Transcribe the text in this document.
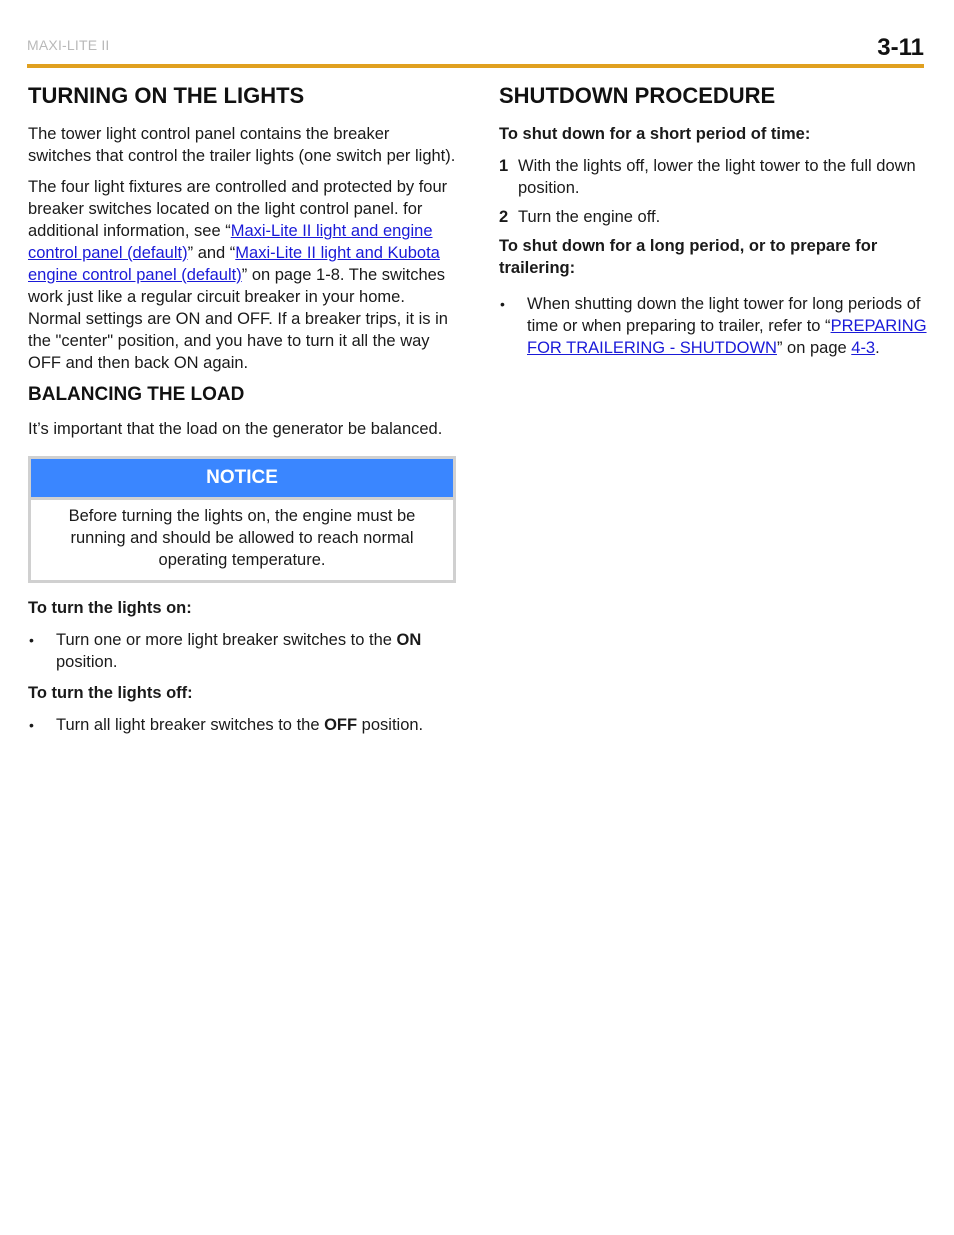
MAXI-LITE II	3-11
TURNING ON THE LIGHTS

The tower light control panel contains the breaker switches that control the trailer lights (one switch per light).

The four light fixtures are controlled and protected by four breaker switches located on the light control panel. for additional information, see “Maxi-Lite II light and engine control panel (default)” and “Maxi-Lite II light and Kubota engine control panel (default)” on page 1-8. The switches work just like a regular circuit breaker in your home. Normal settings are ON and OFF. If a breaker trips, it is in the "center" position, and you have to turn it all the way OFF and then back ON again.

BALANCING THE LOAD

It’s important that the load on the generator be balanced.

NOTICE
Before turning the lights on, the engine must be running and should be allowed to reach normal operating temperature.

To turn the lights on:

• Turn one or more light breaker switches to the ON position.

To turn the lights off:

• Turn all light breaker switches to the OFF position.
SHUTDOWN PROCEDURE

To shut down for a short period of time:

1 With the lights off, lower the light tower to the full down position.
2 Turn the engine off.

To shut down for a long period, or to prepare for trailering:

• When shutting down the light tower for long periods of time or when preparing to trailer, refer to “PREPARING FOR TRAILERING - SHUTDOWN” on page 4-3.
